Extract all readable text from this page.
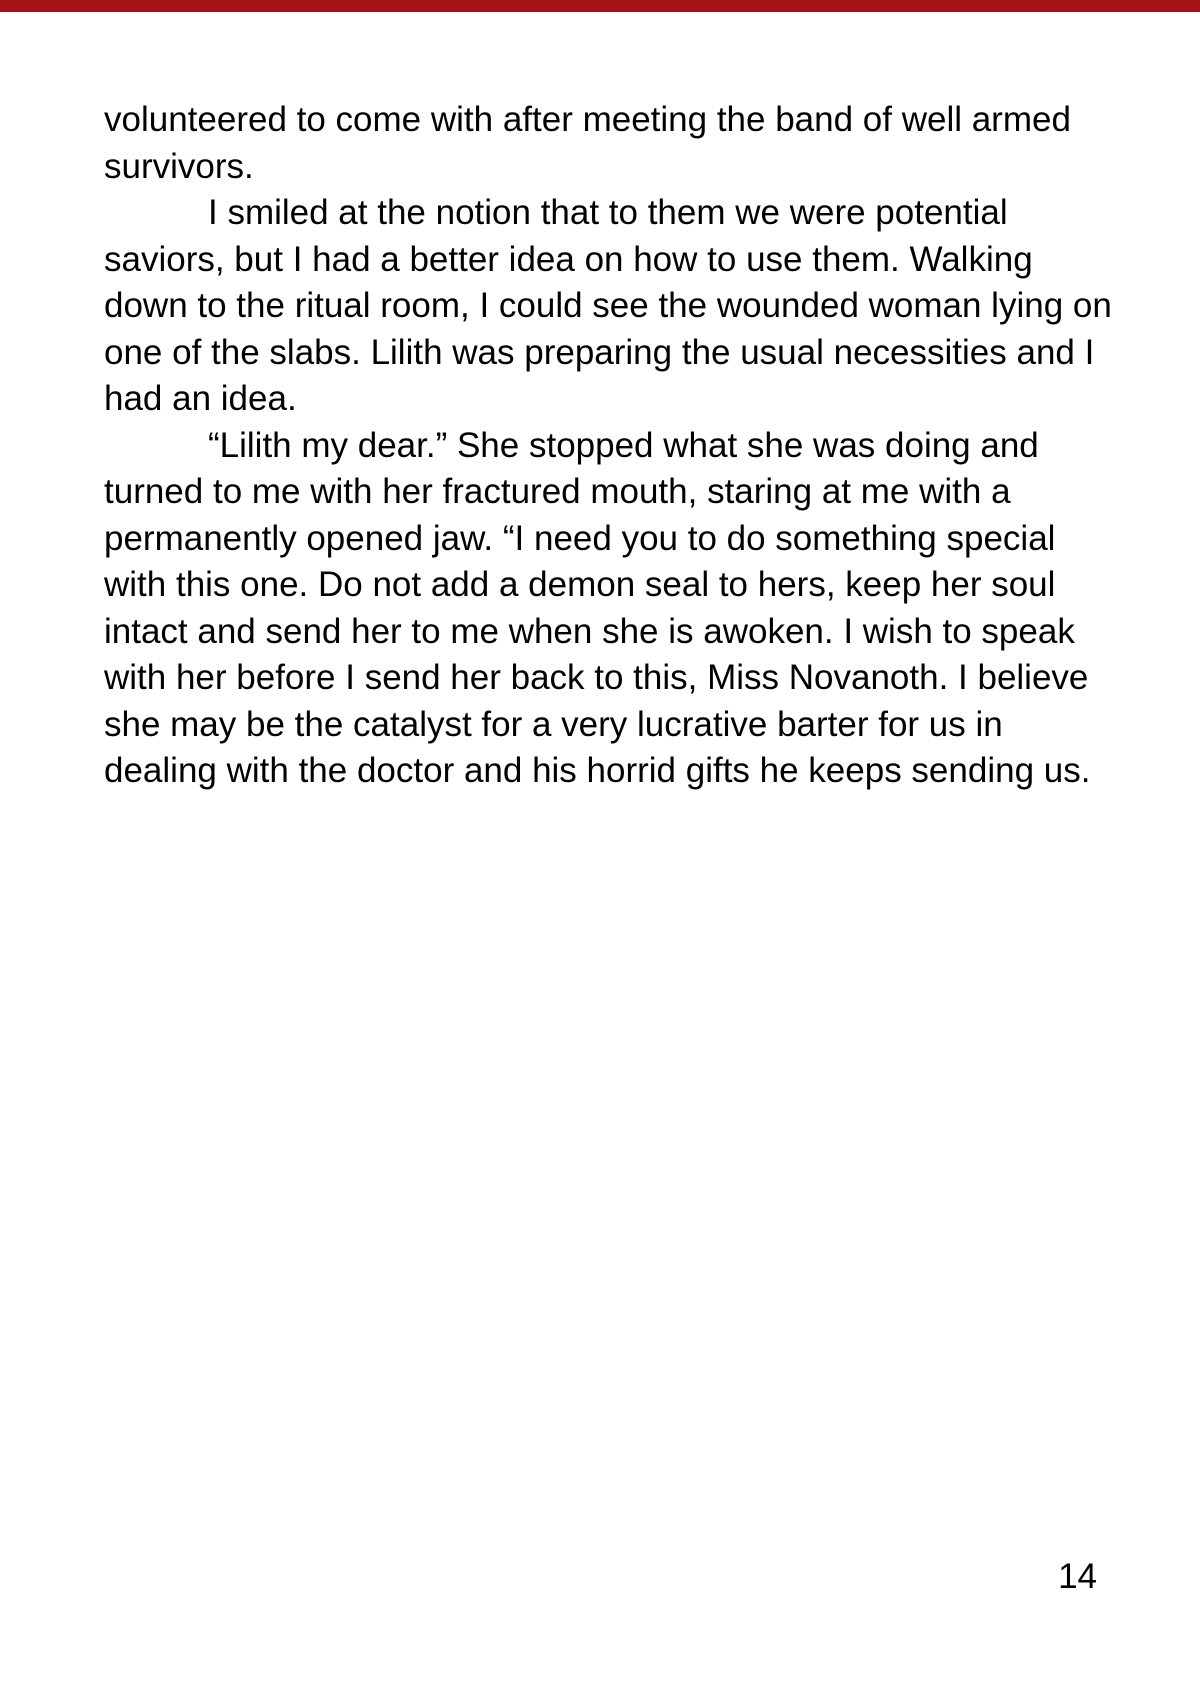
volunteered to come with after meeting the band of well armed
survivors.
I smiled at the notion that to them we were potential
saviors, but I had a better idea on how to use them. Walking
down to the ritual room, I could see the wounded woman lying on
one of the slabs. Lilith was preparing the usual necessities and I
had an idea.
“Lilith my dear.” She stopped what she was doing and
turned to me with her fractured mouth, staring at me with a
permanently opened jaw. “I need you to do something special
with this one. Do not add a demon seal to hers, keep her soul
intact and send her to me when she is awoken. I wish to speak
with her before I send her back to this, Miss Novanoth. I believe
she may be the catalyst for a very lucrative barter for us in
dealing with the doctor and his horrid gifts he keeps sending us.
14
